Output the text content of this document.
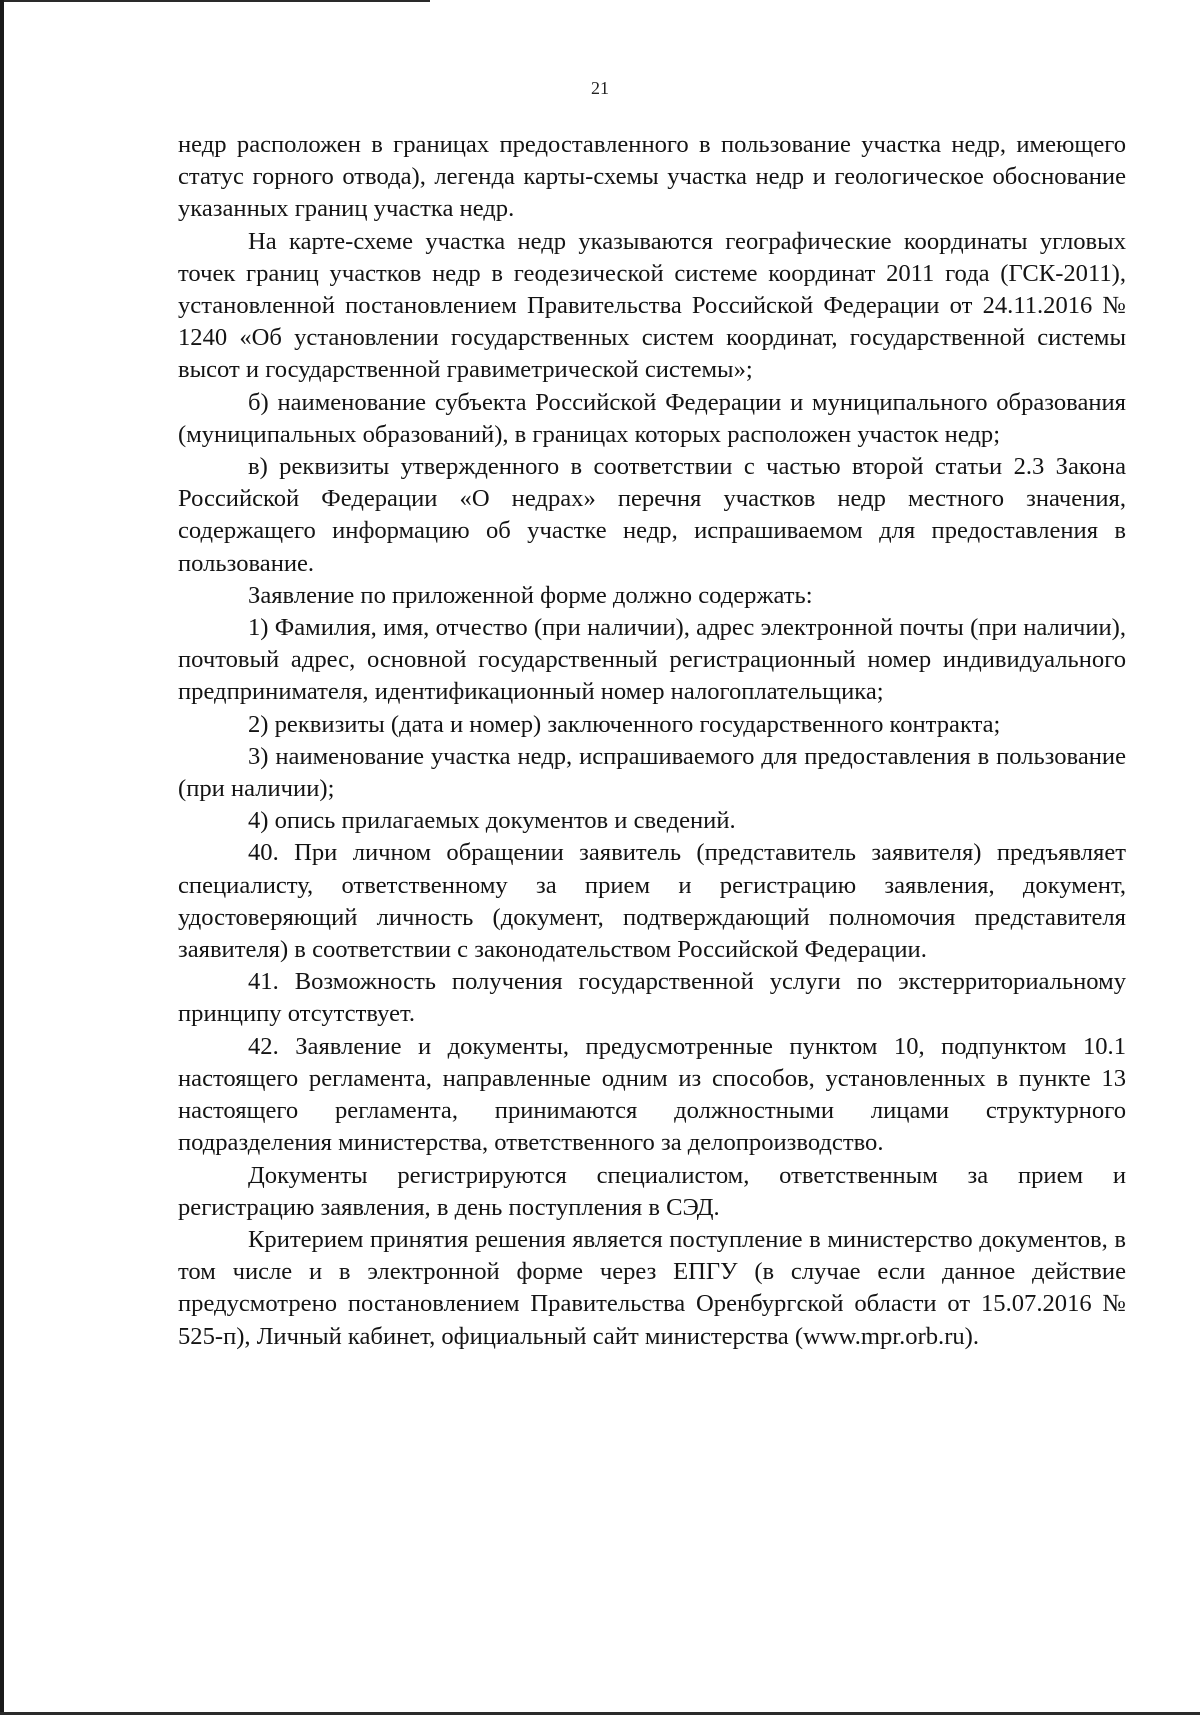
21

недр расположен в границах предоставленного в пользование участка недр, имеющего статус горного отвода), легенда карты-схемы участка недр и геологическое обоснование указанных границ участка недр.

На карте-схеме участка недр указываются географические координаты угловых точек границ участков недр в геодезической системе координат 2011 года (ГСК-2011), установленной постановлением Правительства Российской Федерации от 24.11.2016 № 1240 «Об установлении государственных систем координат, государственной системы высот и государственной гравиметрической системы»;

б) наименование субъекта Российской Федерации и муниципального образования (муниципальных образований), в границах которых расположен участок недр;

в) реквизиты утвержденного в соответствии с частью второй статьи 2.3 Закона Российской Федерации «О недрах» перечня участков недр местного значения, содержащего информацию об участке недр, испрашиваемом для предоставления в пользование.

Заявление по приложенной форме должно содержать:

1) Фамилия, имя, отчество (при наличии), адрес электронной почты (при наличии), почтовый адрес, основной государственный регистрационный номер индивидуального предпринимателя, идентификационный номер налогоплательщика;

2) реквизиты (дата и номер) заключенного государственного контракта;

3) наименование участка недр, испрашиваемого для предоставления в пользование (при наличии);

4) опись прилагаемых документов и сведений.

40. При личном обращении заявитель (представитель заявителя) предъявляет специалисту, ответственному за прием и регистрацию заявления, документ, удостоверяющий личность (документ, подтверждающий полномочия представителя заявителя) в соответствии с законодательством Российской Федерации.

41. Возможность получения государственной услуги по экстерриториальному принципу отсутствует.

42. Заявление и документы, предусмотренные пунктом 10, подпунктом 10.1 настоящего регламента, направленные одним из способов, установленных в пункте 13 настоящего регламента, принимаются должностными лицами структурного подразделения министерства, ответственного за делопроизводство.

Документы регистрируются специалистом, ответственным за прием и регистрацию заявления, в день поступления в СЭД.

Критерием принятия решения является поступление в министерство документов, в том числе и в электронной форме через ЕПГУ (в случае если данное действие предусмотрено постановлением Правительства Оренбургской области от 15.07.2016 № 525-п), Личный кабинет, официальный сайт министерства (www.mpr.orb.ru).
